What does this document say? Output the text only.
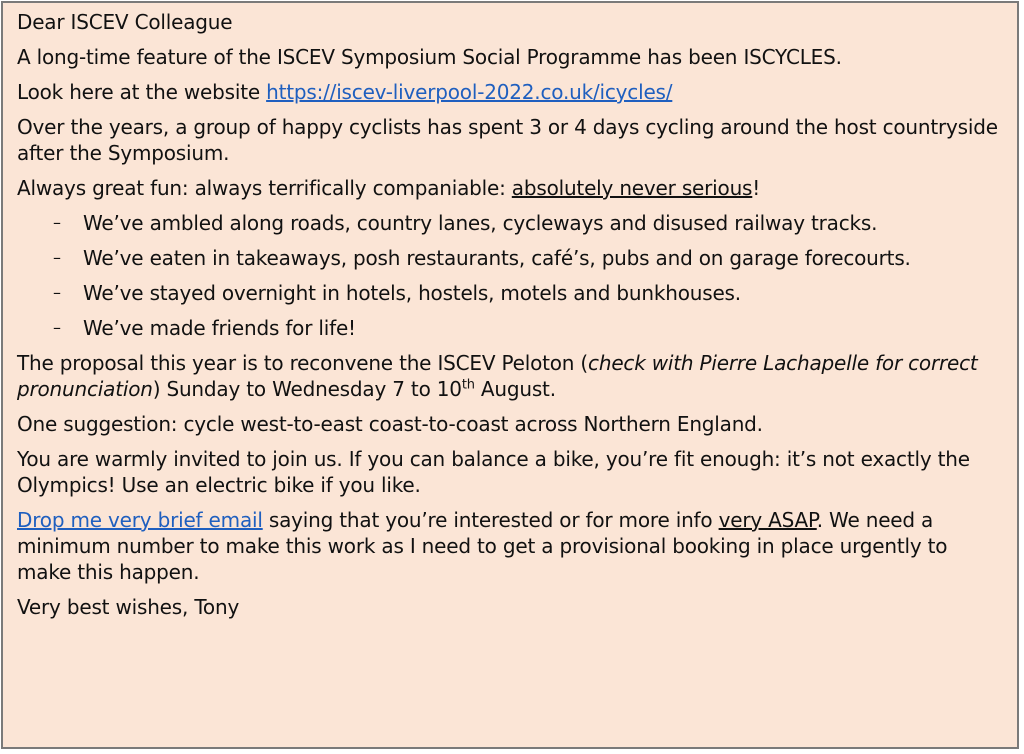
Dear ISCEV Colleague

A long-time feature of the ISCEV Symposium Social Programme has been ISCYCLES.

Look here at the website https://iscev-liverpool-2022.co.uk/icycles/

Over the years, a group of happy cyclists has spent 3 or 4 days cycling around the host countryside after the Symposium.

Always great fun: always terrifically companiable: absolutely never serious!

– We’ve ambled along roads, country lanes, cycleways and disused railway tracks.
– We’ve eaten in takeaways, posh restaurants, café’s, pubs and on garage forecourts.
– We’ve stayed overnight in hotels, hostels, motels and bunkhouses.
– We’ve made friends for life!

The proposal this year is to reconvene the ISCEV Peloton (check with Pierre Lachapelle for correct pronunciation) Sunday to Wednesday 7 to 10th August.

One suggestion: cycle west-to-east coast-to-coast across Northern England.

You are warmly invited to join us. If you can balance a bike, you’re fit enough: it’s not exactly the Olympics! Use an electric bike if you like.

Drop me very brief email saying that you’re interested or for more info very ASAP. We need a minimum number to make this work as I need to get a provisional booking in place urgently to make this happen.

Very best wishes, Tony
